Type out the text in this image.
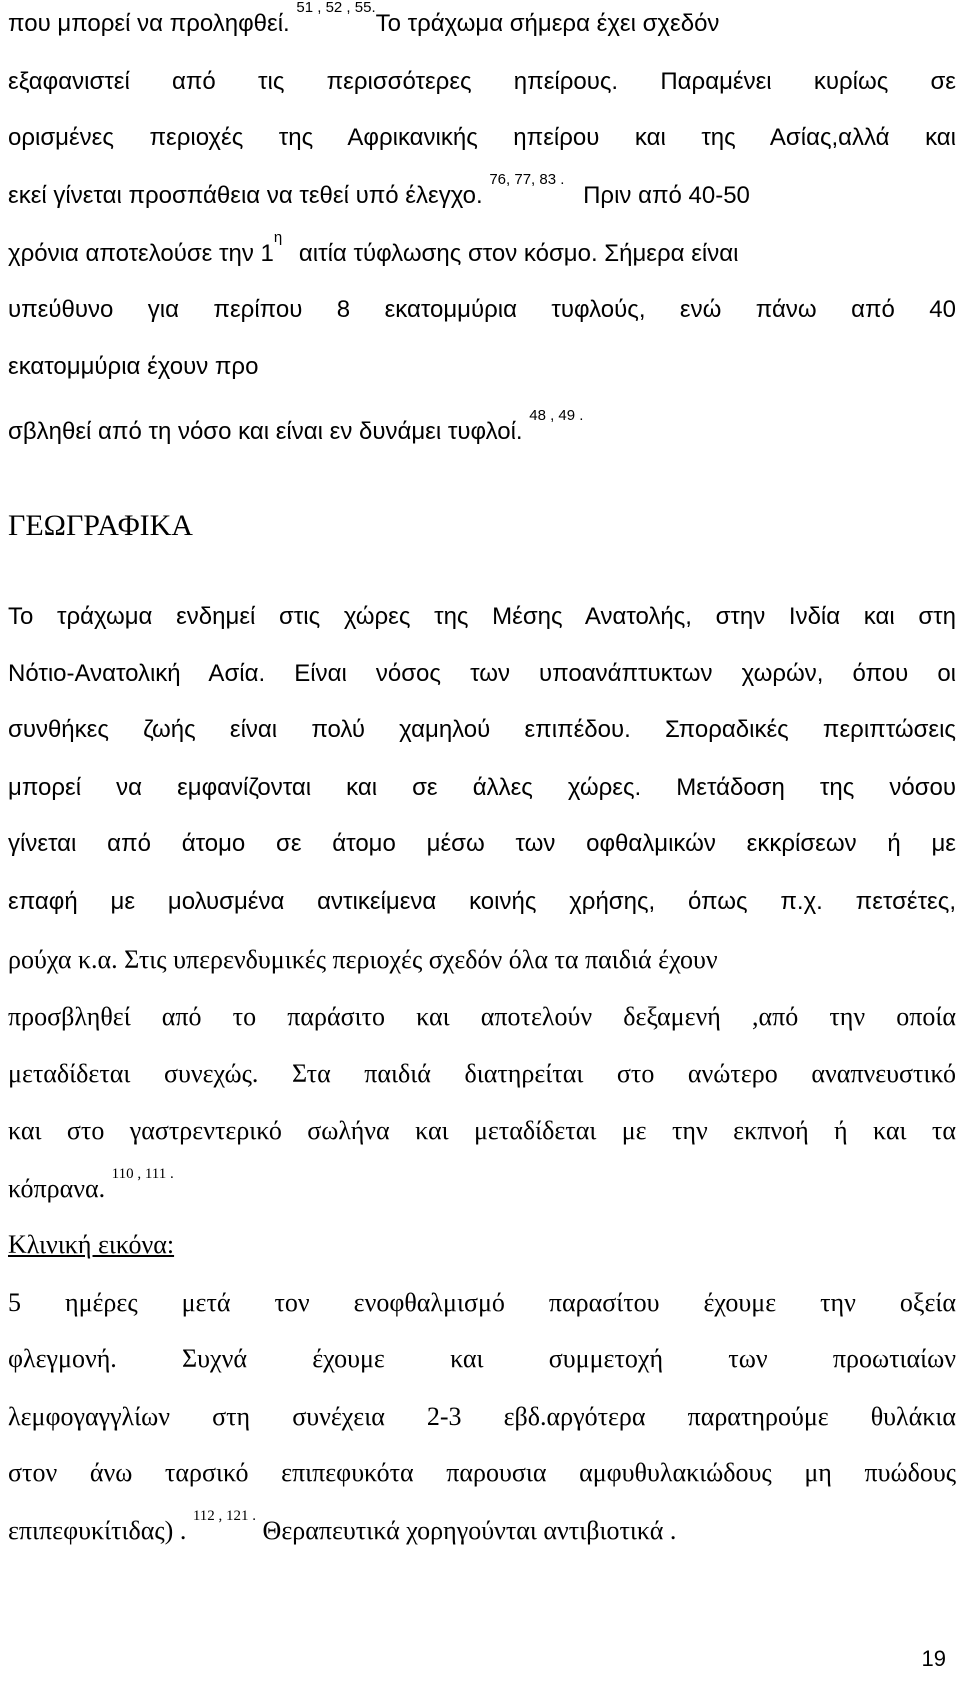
που μπορεί να προληφθεί. $^{51 , 52 , 55.}$Το τράχωμα σήμερα έχει σχεδόν
εξαφανιστεί από τις περισσότερες ηπείρους. Παραμένει κυρίως σε
ορισμένες περιοχές της Αφρικανικής ηπείρου και της Ασίας,αλλά και
εκεί γίνεται προσπάθεια να τεθεί υπό έλεγχο. $^{76, 77, 83 .}$ Πριν από 40-50
χρόνια αποτελούσε την 1$^\eta$ αιτία τύφλωσης στον κόσμο. Σήμερα είναι
υπεύθυνο για περίπου 8 εκατομμύρια τυφλούς, ενώ πάνω από 40
εκατομμύρια έχουν προ
σβληθεί από τη νόσο και είναι εν δυνάμει τυφλοί. $^{48 , 49 .}$
ΓΕΩΓΡΑΦΙΚΑ
Το τράχωμα ενδημεί στις χώρες της Μέσης Ανατολής, στην Ινδία και στη
Νότιο-Ανατολική Ασία. Είναι νόσος των υποανάπτυκτων χωρών, όπου οι
συνθήκες ζωής είναι πολύ χαμηλού επιπέδου. Σποραδικές περιπτώσεις
μπορεί να εμφανίζονται και σε άλλες χώρες. Μετάδοση της νόσου
γίνεται από άτομο σε άτομο μέσω των οφθαλμικών εκκρίσεων ή με
επαφή με μολυσμένα αντικείμενα κοινής χρήσης, όπως π.χ. πετσέτες,
ρούχα κ.α. Στις υπερενδυμικές περιοχές σχεδόν όλα τα παιδιά έχουν
προσβληθεί από το παράσιτο και αποτελούν δεξαμενή ,από την οποία
μεταδίδεται συνεχώς. Στα παιδιά διατηρείται στο ανώτερο αναπνευστικό
και στο γαστρεντερικό σωλήνα και μεταδίδεται με την εκπνοή ή και τα
κόπρανα. $^{110 , 111 .}$
Κλινική εικόνα:
5 ημέρες μετά τον ενοφθαλμισμό παρασίτου έχουμε την οξεία
φλεγμονή. Συχνά έχουμε και συμμετοχή των προωτιαίων
λεμφογαγγλίων στη συνέχεια 2-3 εβδ.αργότερα παρατηρούμε θυλάκια
στον άνω ταρσικό επιπεφυκότα παρουσια αμφυθυλακιώδους μη πυώδους
επιπεφυκίτιδας) . $^{112 , 121 .}$ Θεραπευτικά χορηγούνται αντιβιοτικά .
19
